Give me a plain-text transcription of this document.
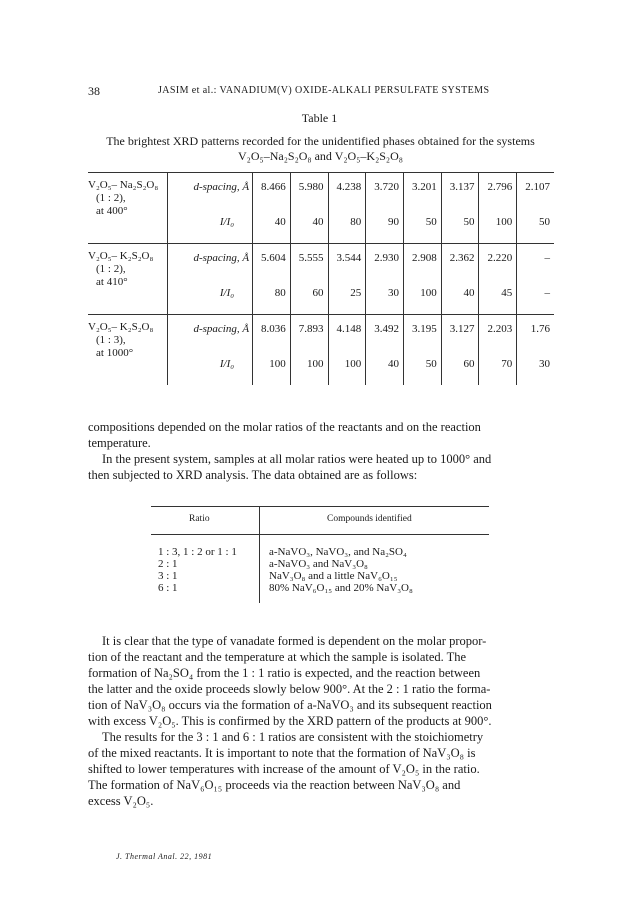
38	JASIM et al.: VANADIUM(V) OXIDE-ALKALI PERSULFATE SYSTEMS
Table 1
The brightest XRD patterns recorded for the unidentified phases obtained for the systems
V₂O₅–Na₂S₂O₈ and V₂O₅–K₂S₂O₈
V₂O₅– Na₂S₂O₈
(1 : 2),
at 400°	d-spacing, Å	8.466	5.980	4.238	3.720	3.201	3.137	2.796	2.107
	I/I₀	40	40	80	90	50	50	100	50

V₂O₅– K₂S₂O₈
(1 : 2),
at 410°	d-spacing, Å	5.604	5.555	3.544	2.930	2.908	2.362	2.220	–
	I/I₀	80	60	25	30	100	40	45	–

V₂O₅– K₂S₂O₈
(1 : 3),
at 1000°	d-spacing, Å	8.036	7.893	4.148	3.492	3.195	3.127	2.203	1.76
	I/I₀	100	100	100	40	50	60	70	30
compositions depended on the molar ratios of the reactants and on the reaction
temperature.
In the present system, samples at all molar ratios were heated up to 1000° and
then subjected to XRD analysis. The data obtained are as follows:
Ratio	Compounds identified
1 : 3, 1 : 2 or 1 : 1	a-NaVO₃, NaVO₃, and Na₂SO₄
2 : 1	a-NaVO₃ and NaV₃O₈
3 : 1	NaV₃O₈ and a little NaV₆O₁₅
6 : 1	80% NaV₆O₁₅ and 20% NaV₃O₈
It is clear that the type of vanadate formed is dependent on the molar propor-
tion of the reactant and the temperature at which the sample is isolated. The
formation of Na₂SO₄ from the 1 : 1 ratio is expected, and the reaction between
the latter and the oxide proceeds slowly below 900°. At the 2 : 1 ratio the forma-
tion of NaV₃O₈ occurs via the formation of a-NaVO₃ and its subsequent reaction
with excess V₂O₅. This is confirmed by the XRD pattern of the products at 900°.
The results for the 3 : 1 and 6 : 1 ratios are consistent with the stoichiometry
of the mixed reactants. It is important to note that the formation of NaV₃O₈ is
shifted to lower temperatures with increase of the amount of V₂O₅ in the ratio.
The formation of NaV₆O₁₅ proceeds via the reaction between NaV₃O₈ and
excess V₂O₅.
J. Thermal Anal. 22, 1981
